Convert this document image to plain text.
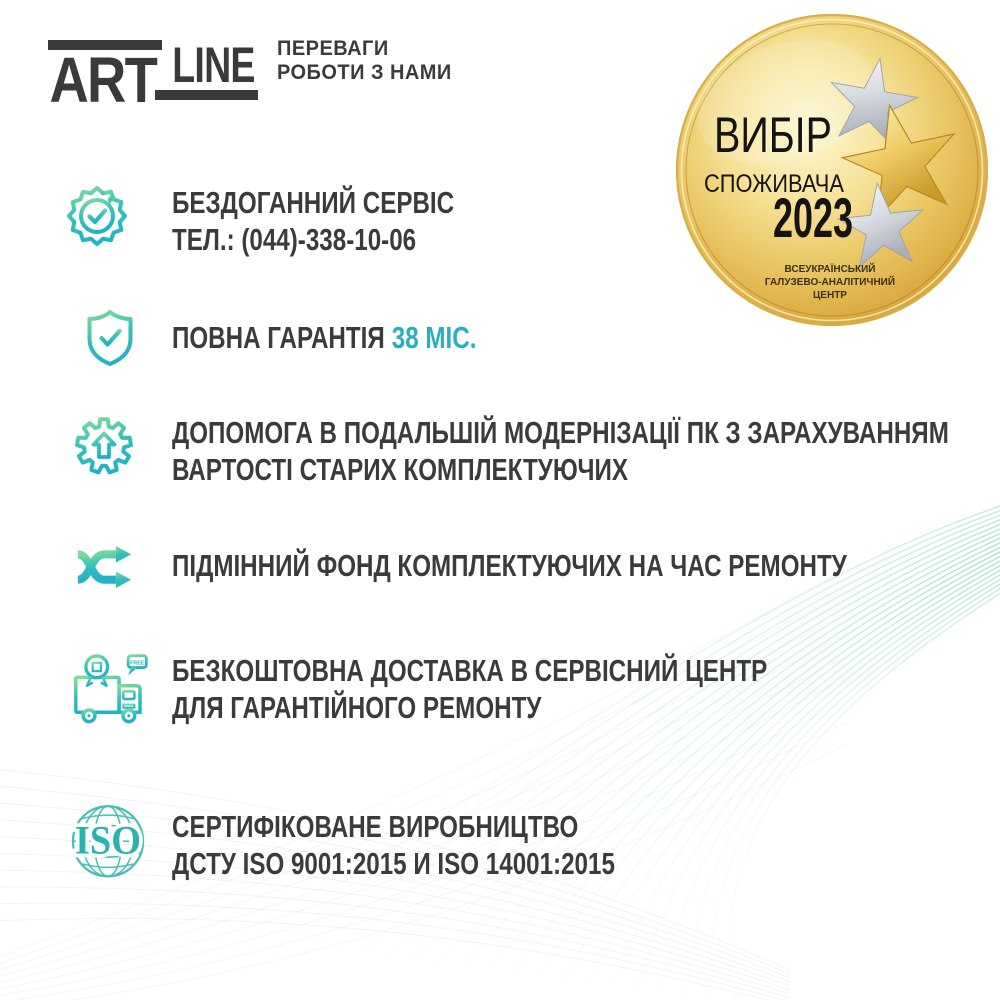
ART LINE ПЕРЕВАГИ
РОБОТИ З НАМИ
ВИБІР
СПОЖИВАЧА
2023
ВСЕУКРАЇНСЬКИЙ
ГАЛУЗЕВО-АНАЛІТИЧНИЙ
ЦЕНТР
БЕЗДОГАННИЙ СЕРВІС
ТЕЛ.: (044)-338-10-06
ПОВНА ГАРАНТІЯ 38 МІС.
ДОПОМОГА В ПОДАЛЬШІЙ МОДЕРНІЗАЦІЇ ПК З ЗАРАХУВАННЯМ
ВАРТОСТІ СТАРИХ КОМПЛЕКТУЮЧИХ
ПІДМІННИЙ ФОНД КОМПЛЕКТУЮЧИХ НА ЧАС РЕМОНТУ
FREE БЕЗКОШТОВНА ДОСТАВКА В СЕРВІСНИЙ ЦЕНТР
ДЛЯ ГАРАНТІЙНОГО РЕМОНТУ
ISO СЕРТИФІКОВАНЕ ВИРОБНИЦТВО
ДСТУ ISO 9001:2015 И ISO 14001:2015
